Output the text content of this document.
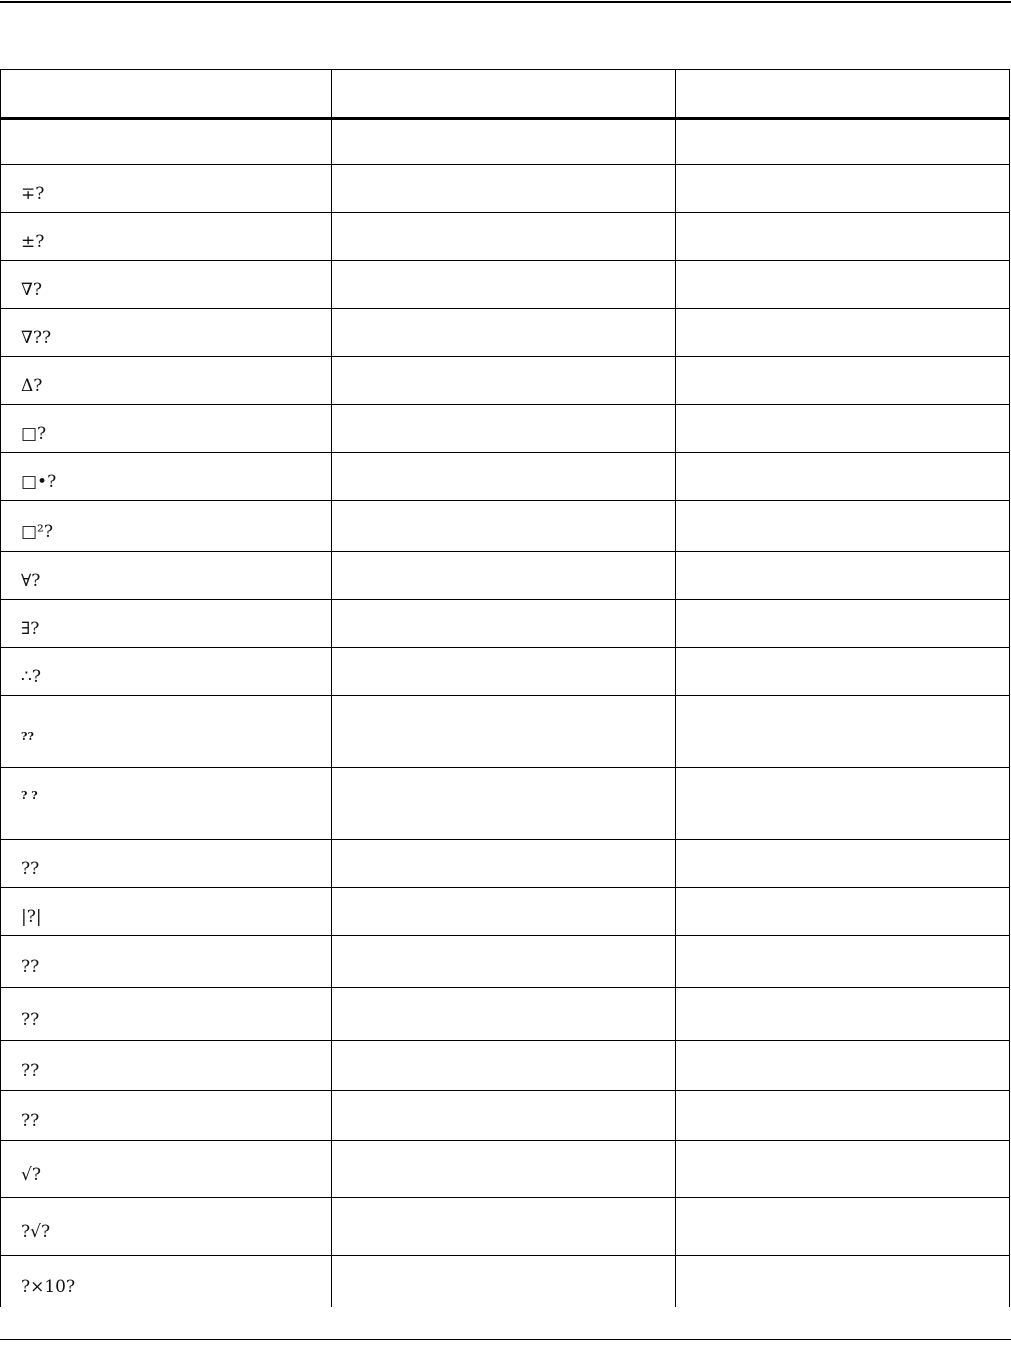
∓?
±?
∇?
∇??
Δ?
□?
□•?
□²?
∀?
∃?
∴?
??
? ?
??
|?|
??
??
??
??
√?
?√?
?×10?
